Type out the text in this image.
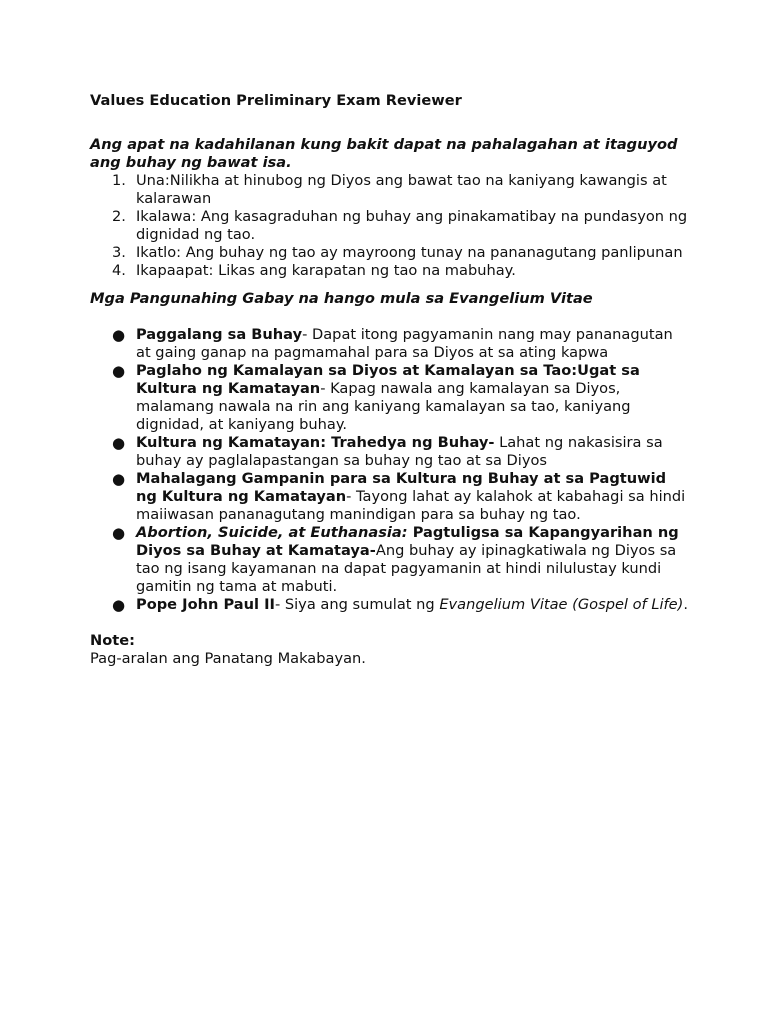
Values Education Preliminary Exam Reviewer

Ang apat na kadahilanan kung bakit dapat na pahalagahan at itaguyod ang buhay ng bawat isa.

1. Una:Nilikha at hinubog ng Diyos ang bawat tao na kaniyang kawangis at kalarawan
2. Ikalawa: Ang kasagraduhan ng buhay ang pinakamatibay na pundasyon ng dignidad ng tao.
3. Ikatlo: Ang buhay ng tao ay mayroong tunay na pananagutang panlipunan
4. Ikapaapat: Likas ang karapatan ng tao na mabuhay.

Mga Pangunahing Gabay na hango mula sa Evangelium Vitae

● Paggalang sa Buhay- Dapat itong pagyamanin nang may pananagutan at gaing ganap na pagmamahal para sa Diyos at sa ating kapwa
● Paglaho ng Kamalayan sa Diyos at Kamalayan sa Tao:Ugat sa Kultura ng Kamatayan- Kapag nawala ang kamalayan sa Diyos, malamang nawala na rin ang kaniyang kamalayan sa tao, kaniyang dignidad, at kaniyang buhay.
● Kultura ng Kamatayan: Trahedya ng Buhay- Lahat ng nakasisira sa buhay ay paglalapastangan sa buhay ng tao at sa Diyos
● Mahalagang Gampanin para sa Kultura ng Buhay at sa Pagtuwid ng Kultura ng Kamatayan- Tayong lahat ay kalahok at kabahagi sa hindi maiiwasan pananagutang manindigan para sa buhay ng tao.
● Abortion, Suicide, at Euthanasia: Pagtuligsa sa Kapangyarihan ng Diyos sa Buhay at Kamataya-Ang buhay ay ipinagkatiwala ng Diyos sa tao ng isang kayamanan na dapat pagyamanin at hindi nilulustay kundi gamitin ng tama at mabuti.
● Pope John Paul II- Siya ang sumulat ng Evangelium Vitae (Gospel of Life).

Note:

Pag-aralan ang Panatang Makabayan.
